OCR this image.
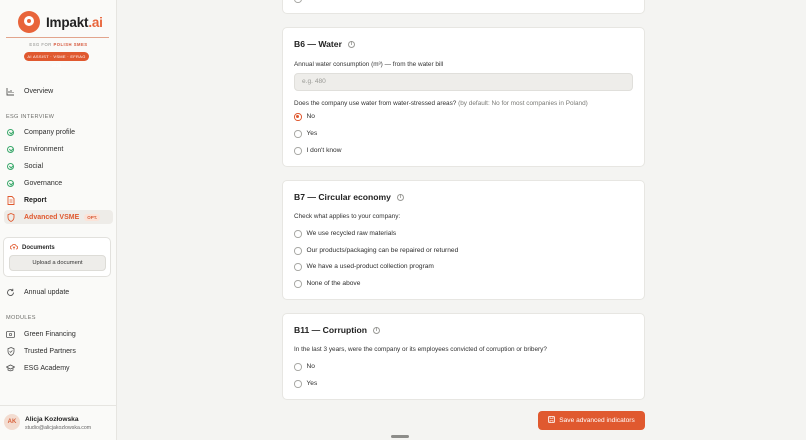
Impakt.ai
ESG FOR POLISH SMES
AI ASSIST · VSME · EFRAG 2025
Overview
ESG INTERVIEW
Company profile
Environment
Social
Governance
Report
Advanced VSME	OPT.
Documents
Upload a document
Annual update
MODULES
Green Financing
Trusted Partners
ESG Academy
AK	Alicja Kozłowska
studio@alicjakozlowska.com
B6 — Water	i
Annual water consumption (m³) — from the water bill
e.g. 480
Does the company use water from water-stressed areas? (by default: No for most companies in Poland)
No
Yes
I don't know
B7 — Circular economy	i
Check what applies to your company:
We use recycled raw materials
Our products/packaging can be repaired or returned
We have a used-product collection program
None of the above
B11 — Corruption	i
In the last 3 years, were the company or its employees convicted of corruption or bribery?
No
Yes
Save advanced indicators
